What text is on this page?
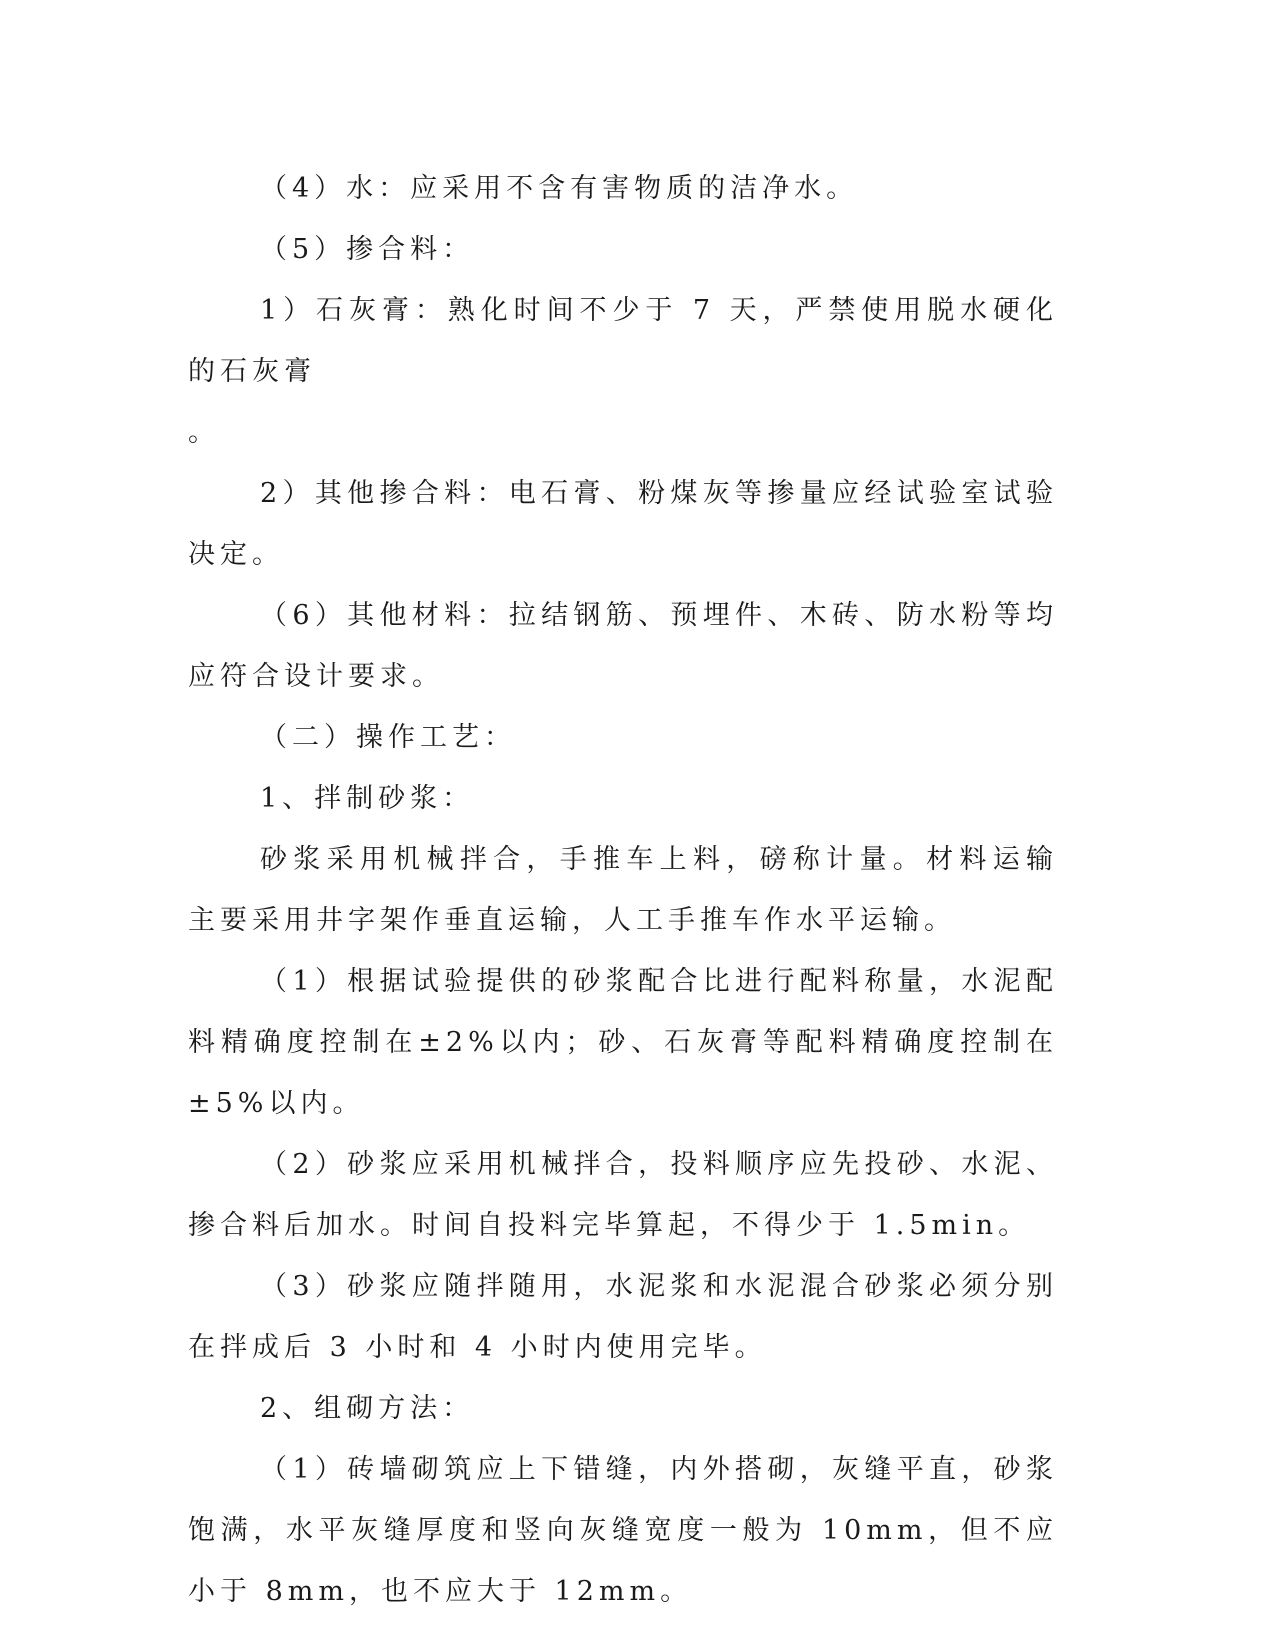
（4）水：应采用不含有害物质的洁净水。

（5）掺合料：

1）石灰膏：熟化时间不少于 7 天，严禁使用脱水硬化的石灰膏

。

2）其他掺合料：电石膏、粉煤灰等掺量应经试验室试验决定。

（6）其他材料：拉结钢筋、预埋件、木砖、防水粉等均应符合设计要求。

（二）操作工艺：

1、拌制砂浆：

砂浆采用机械拌合，手推车上料，磅称计量。材料运输主要采用井字架作垂直运输，人工手推车作水平运输。

（1）根据试验提供的砂浆配合比进行配料称量，水泥配料精确度控制在±2%以内；砂、石灰膏等配料精确度控制在±5%以内。

（2）砂浆应采用机械拌合，投料顺序应先投砂、水泥、掺合料后加水。时间自投料完毕算起，不得少于 1.5min。

（3）砂浆应随拌随用，水泥浆和水泥混合砂浆必须分别在拌成后 3 小时和 4 小时内使用完毕。

2、组砌方法：

（1）砖墙砌筑应上下错缝，内外搭砌，灰缝平直，砂浆饱满，水平灰缝厚度和竖向灰缝宽度一般为 10mm，但不应小于 8mm，也不应大于 12mm。
